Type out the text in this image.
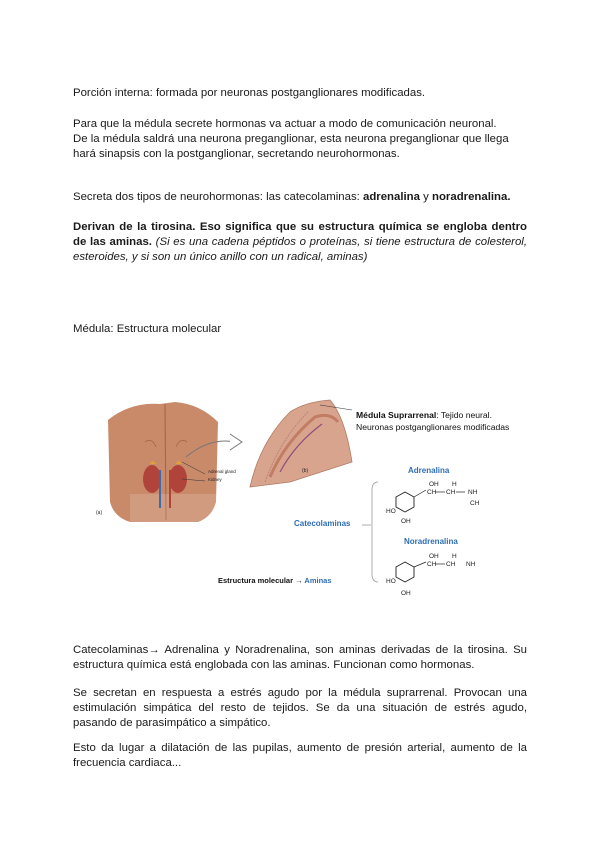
Porción interna: formada por neuronas postganglionares modificadas.

Para que la médula secrete hormonas va actuar a modo de comunicación neuronal.

De la médula saldrá una neurona preganglionar, esta neurona preganglionar que llega hará sinapsis con la postganglionar, secretando neurohormonas.

Secreta dos tipos de neurohormonas: las catecolaminas: adrenalina y noradrenalina.

Derivan de la tirosina. Eso significa que su estructura química se engloba dentro de las aminas. (Si es una cadena péptidos o proteínas, si tiene estructura de colesterol, esteroides, y si son un único anillo con un radical, aminas)

Médula: Estructura molecular

Adrenal gland
Kidney
(a)
(b)
Médula Suprarrenal: Tejido neural.
Neuronas postganglionares modificadas
Adrenalina
Catecolaminas
Noradrenalina
Estructura molecular → Aminas
OH H
CH CH NH
CH
HO
OH
OH H
CH CH NH
HO
OH

Catecolaminas→ Adrenalina y Noradrenalina, son aminas derivadas de la tirosina. Su estructura química está englobada con las aminas. Funcionan como hormonas.

Se secretan en respuesta a estrés agudo por la médula suprarrenal. Provocan una estimulación simpática del resto de tejidos. Se da una situación de estrés agudo, pasando de parasimpático a simpático.

Esto da lugar a dilatación de las pupilas, aumento de presión arterial, aumento de la frecuencia cardiaca...
